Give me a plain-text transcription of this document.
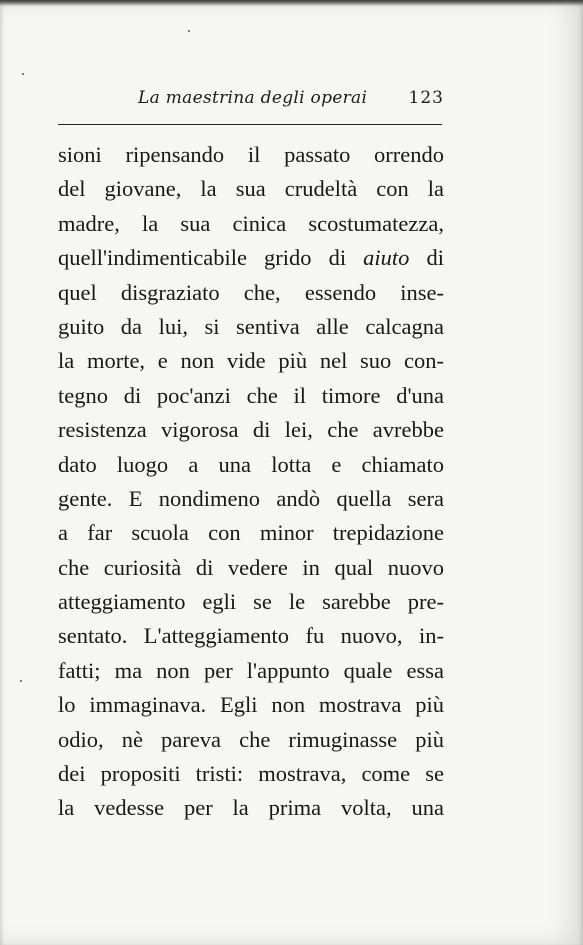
La maestrina degli operai 123
sioni ripensando il passato orrendo
del giovane, la sua crudeltà con la
madre, la sua cinica scostumatezza,
quell'indimenticabile grido di aiuto di
quel disgraziato che, essendo inse-
guito da lui, si sentiva alle calcagna
la morte, e non vide più nel suo con-
tegno di poc'anzi che il timore d'una
resistenza vigorosa di lei, che avrebbe
dato luogo a una lotta e chiamato
gente. E nondimeno andò quella sera
a far scuola con minor trepidazione
che curiosità di vedere in qual nuovo
atteggiamento egli se le sarebbe pre-
sentato. L'atteggiamento fu nuovo, in-
fatti; ma non per l'appunto quale essa
lo immaginava. Egli non mostrava più
odio, nè pareva che rimuginasse più
dei propositi tristi: mostrava, come se
la vedesse per la prima volta, una
